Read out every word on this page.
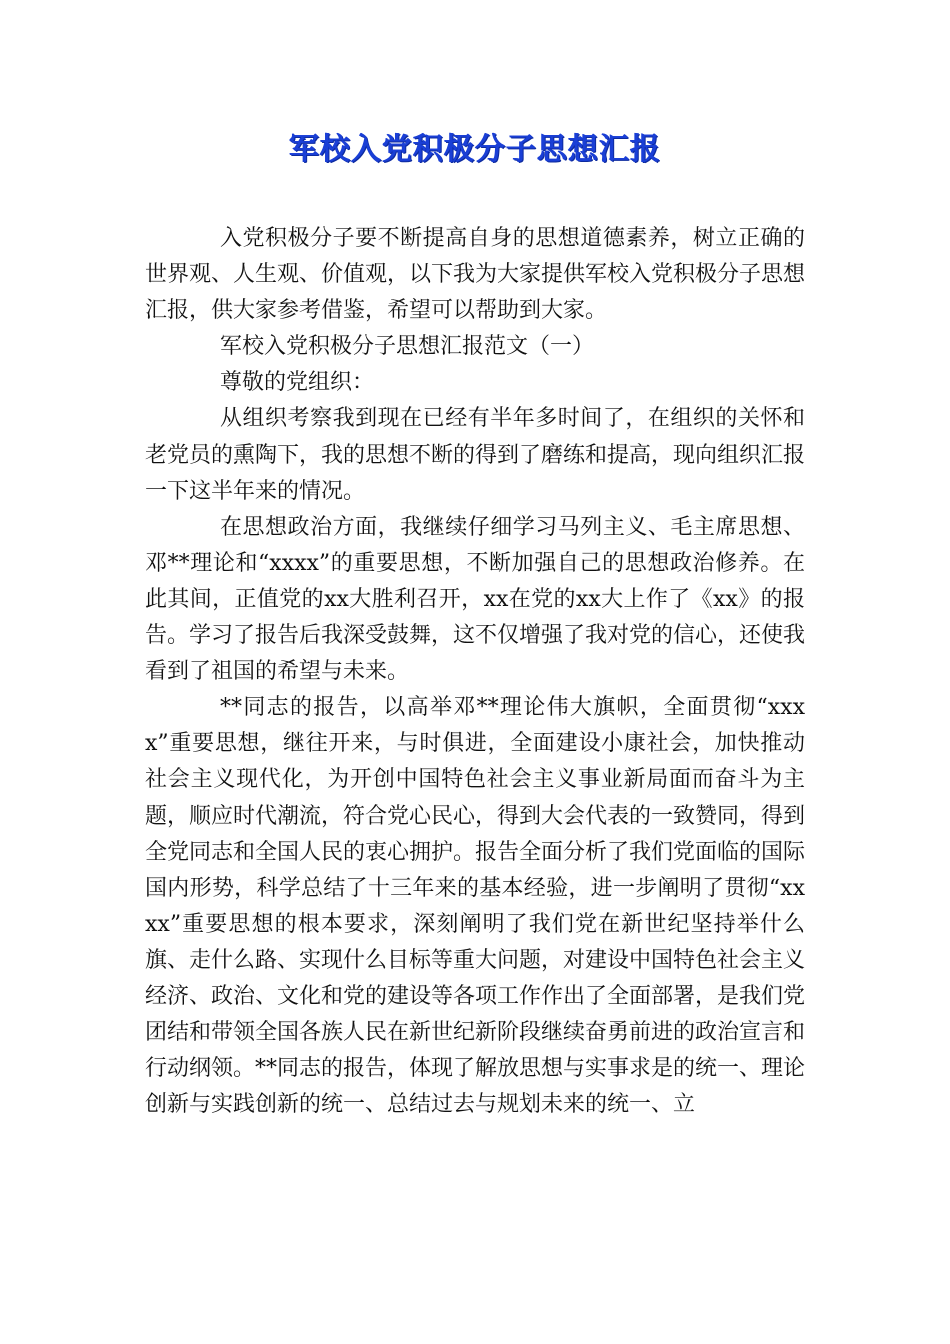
军校入党积极分子思想汇报

入党积极分子要不断提高自身的思想道德素养，树立正确的世界观、人生观、价值观，以下我为大家提供军校入党积极分子思想汇报，供大家参考借鉴，希望可以帮助到大家。

军校入党积极分子思想汇报范文（一）

尊敬的党组织：

从组织考察我到现在已经有半年多时间了，在组织的关怀和老党员的熏陶下，我的思想不断的得到了磨练和提高，现向组织汇报一下这半年来的情况。

在思想政治方面，我继续仔细学习马列主义、毛主席思想、邓**理论和“xxxx”的重要思想，不断加强自己的思想政治修养。在此其间，正值党的xx大胜利召开，xx在党的xx大上作了《xx》的报告。学习了报告后我深受鼓舞，这不仅增强了我对党的信心，还使我看到了祖国的希望与未来。

**同志的报告，以高举邓**理论伟大旗帜，全面贯彻“xxxx”重要思想，继往开来，与时俱进，全面建设小康社会，加快推动社会主义现代化，为开创中国特色社会主义事业新局面而奋斗为主题，顺应时代潮流，符合党心民心，得到大会代表的一致赞同，得到全党同志和全国人民的衷心拥护。报告全面分析了我们党面临的国际国内形势，科学总结了十三年来的基本经验，进一步阐明了贯彻“xxxx”重要思想的根本要求，深刻阐明了我们党在新世纪坚持举什么旗、走什么路、实现什么目标等重大问题，对建设中国特色社会主义经济、政治、文化和党的建设等各项工作作出了全面部署，是我们党团结和带领全国各族人民在新世纪新阶段继续奋勇前进的政治宣言和行动纲领。**同志的报告，体现了解放思想与实事求是的统一、理论创新与实践创新的统一、总结过去与规划未来的统一、立
